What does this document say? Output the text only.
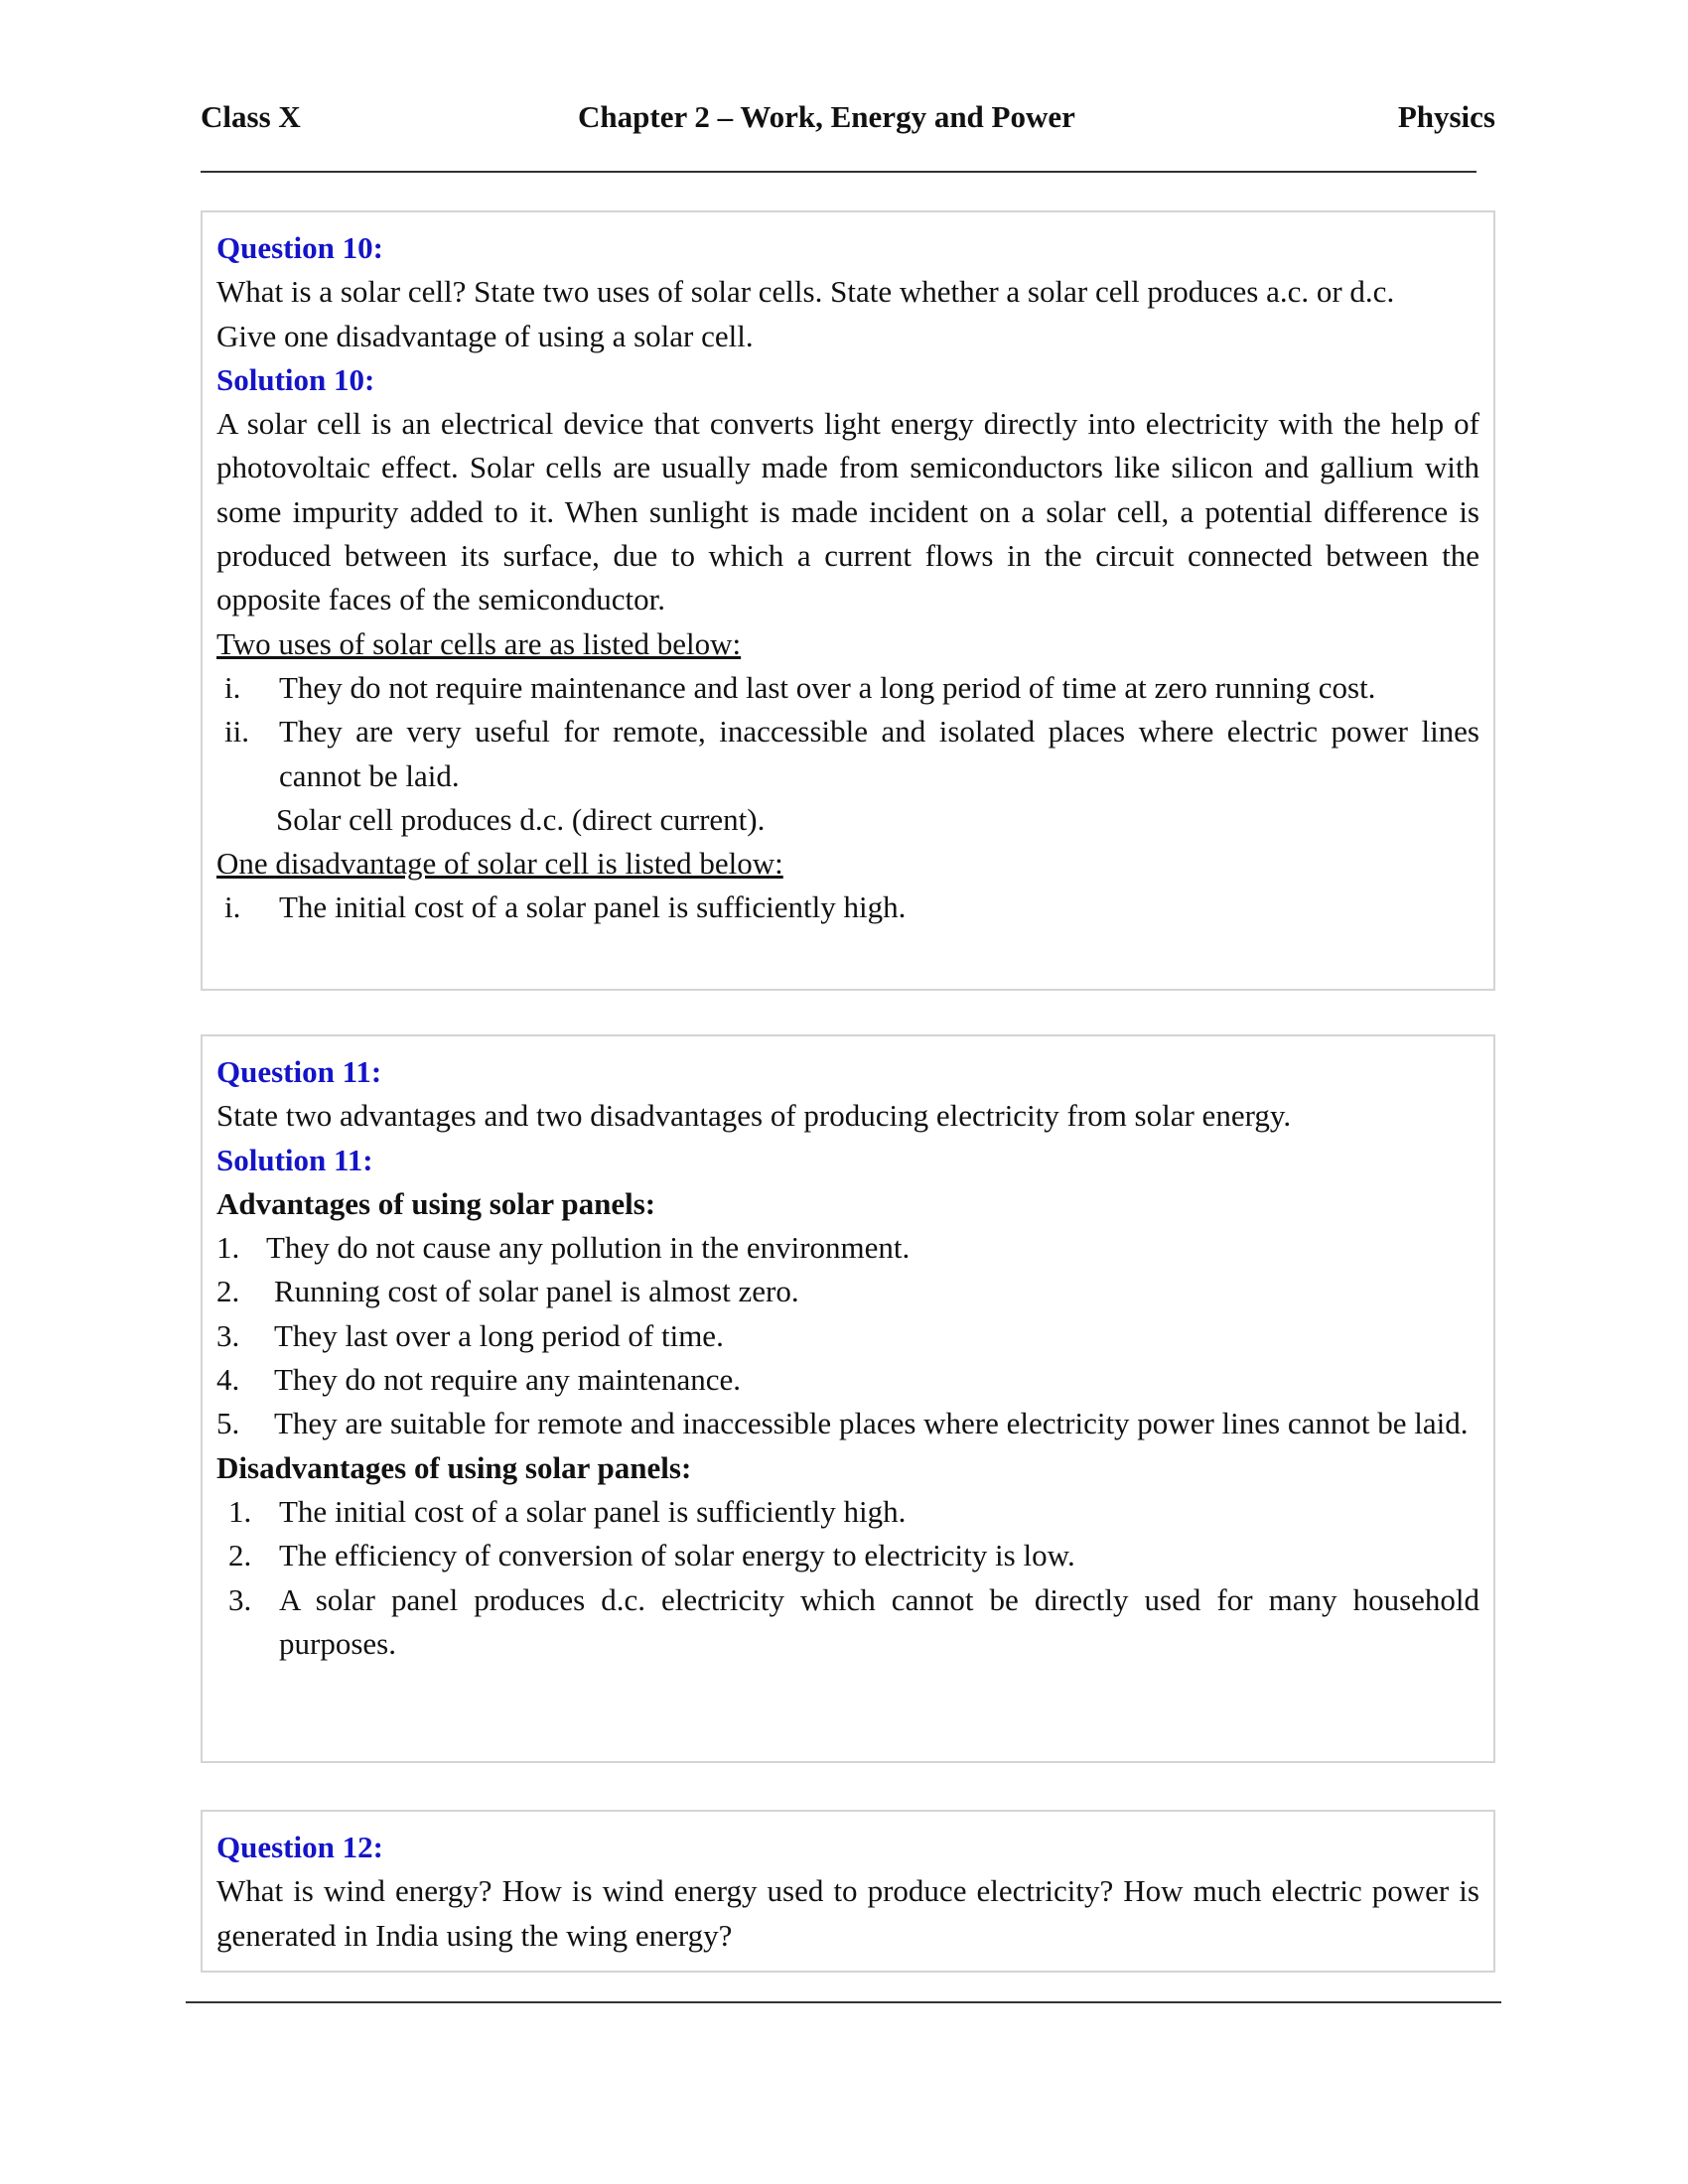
Class X	Chapter 2 – Work, Energy and Power	Physics
Question 10:
What is a solar cell? State two uses of solar cells. State whether a solar cell produces a.c. or d.c.
Give one disadvantage of using a solar cell.
Solution 10:
A solar cell is an electrical device that converts light energy directly into electricity with the help of photovoltaic effect. Solar cells are usually made from semiconductors like silicon and gallium with some impurity added to it. When sunlight is made incident on a solar cell, a potential difference is produced between its surface, due to which a current flows in the circuit connected between the opposite faces of the semiconductor.
Two uses of solar cells are as listed below:
i.	They do not require maintenance and last over a long period of time at zero running cost.
ii. They are very useful for remote, inaccessible and isolated places where electric power lines cannot be laid.
Solar cell produces d.c. (direct current).
One disadvantage of solar cell is listed below:
i.	The initial cost of a solar panel is sufficiently high.
Question 11:
State two advantages and two disadvantages of producing electricity from solar energy.
Solution 11:
Advantages of using solar panels:
1. They do not cause any pollution in the environment.
2.	Running cost of solar panel is almost zero.
3.	They last over a long period of time.
4.	They do not require any maintenance.
5.	They are suitable for remote and inaccessible places where electricity power lines cannot be laid.
Disadvantages of using solar panels:
1. The initial cost of a solar panel is sufficiently high.
2. The efficiency of conversion of solar energy to electricity is low.
3. A solar panel produces d.c. electricity which cannot be directly used for many household purposes.
Question 12:
What is wind energy? How is wind energy used to produce electricity? How much electric power is generated in India using the wing energy?
